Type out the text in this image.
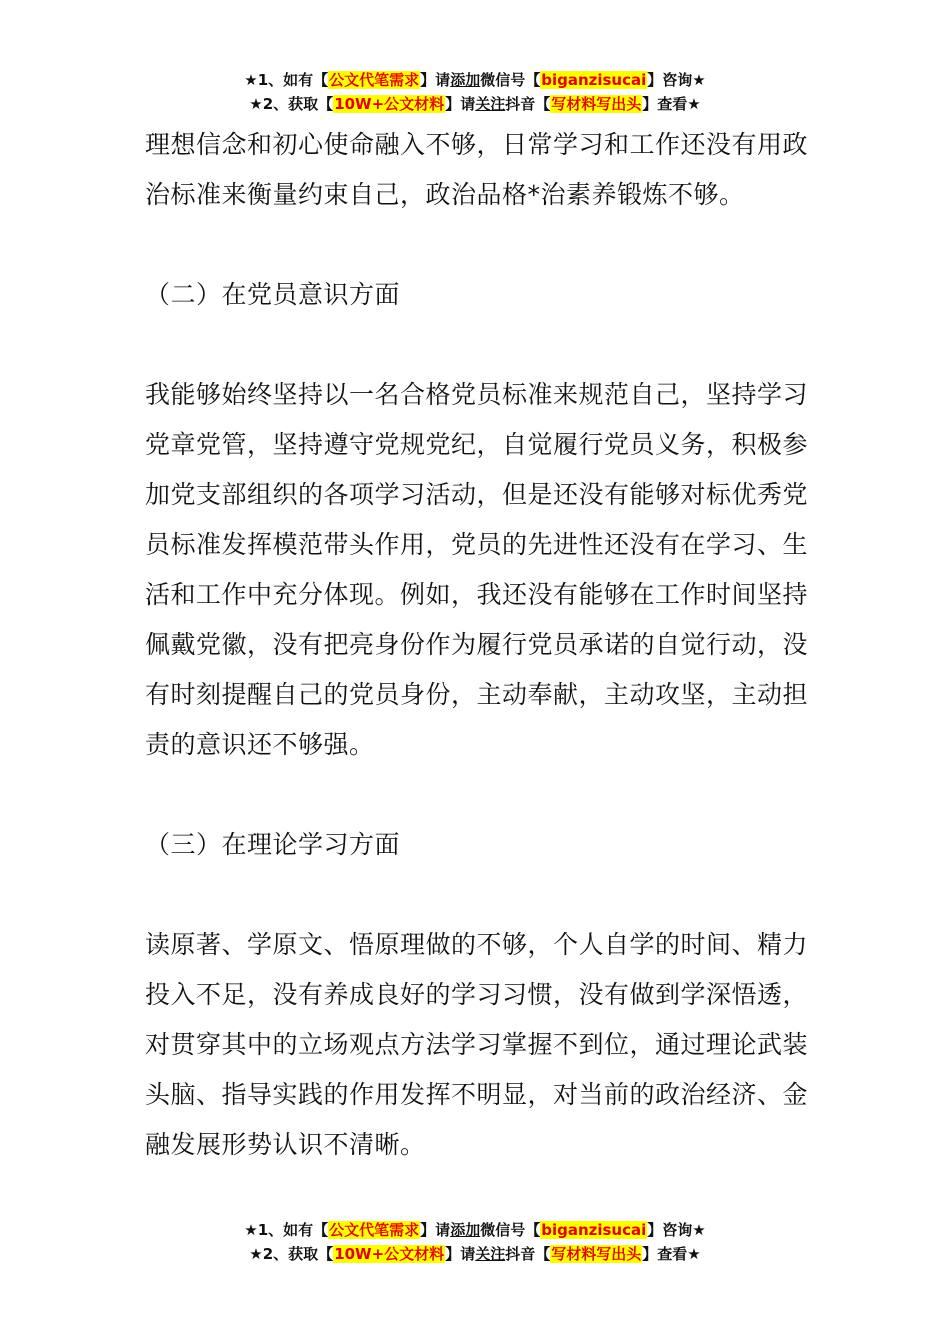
★1、如有【公文代笔需求】请添加微信号【biganzisucai】咨询★
★2、获取【10W+公文材料】请关注抖音【写材料写出头】查看★

理想信念和初心使命融入不够，日常学习和工作还没有用政治标准来衡量约束自己，政治品格*治素养锻炼不够。

（二）在党员意识方面

我能够始终坚持以一名合格党员标准来规范自己，坚持学习党章党管，坚持遵守党规党纪，自觉履行党员义务，积极参加党支部组织的各项学习活动，但是还没有能够对标优秀党员标准发挥模范带头作用，党员的先进性还没有在学习、生活和工作中充分体现。例如，我还没有能够在工作时间坚持佩戴党徽，没有把亮身份作为履行党员承诺的自觉行动，没有时刻提醒自己的党员身份，主动奉献，主动攻坚，主动担责的意识还不够强。

（三）在理论学习方面

读原著、学原文、悟原理做的不够，个人自学的时间、精力投入不足，没有养成良好的学习习惯，没有做到学深悟透，对贯穿其中的立场观点方法学习掌握不到位，通过理论武装头脑、指导实践的作用发挥不明显，对当前的政治经济、金融发展形势认识不清晰。

★1、如有【公文代笔需求】请添加微信号【biganzisucai】咨询★
★2、获取【10W+公文材料】请关注抖音【写材料写出头】查看★
